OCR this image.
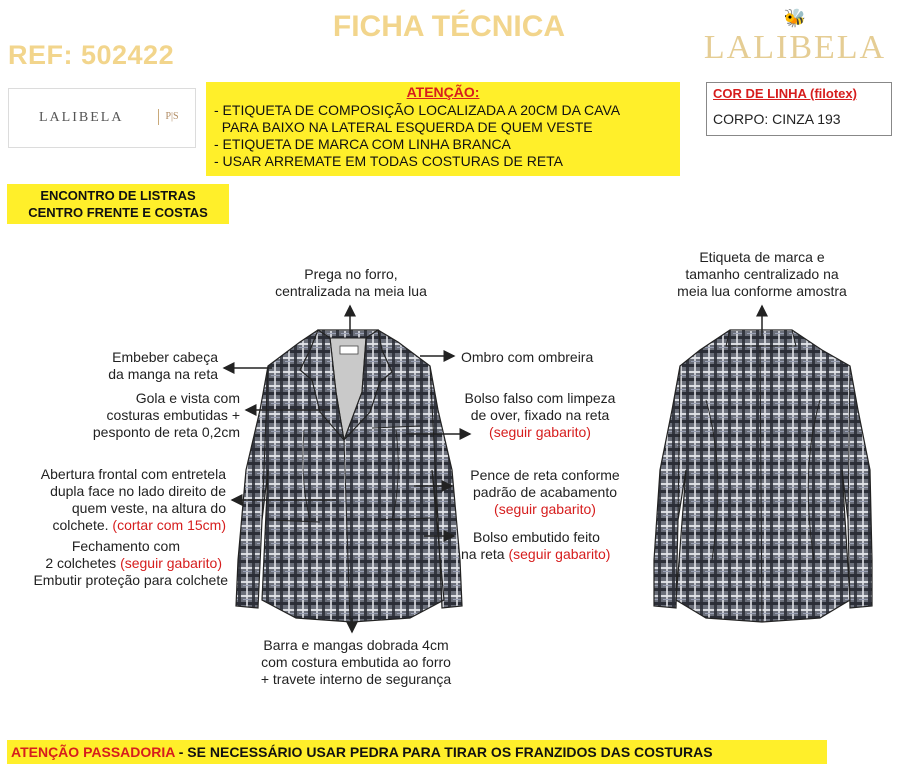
FICHA TÉCNICA
REF: 502422
🐝
LALIBELA
LALIBELA	P|S
ATENÇÃO:
- ETIQUETA DE COMPOSIÇÃO LOCALIZADA A 20CM DA CAVA
PARA BAIXO NA LATERAL ESQUERDA DE QUEM VESTE
- ETIQUETA DE MARCA COM LINHA BRANCA
- USAR ARREMATE EM TODAS COSTURAS DE RETA
COR DE LINHA (filotex)
CORPO: CINZA 193
ENCONTRO DE LISTRAS
CENTRO FRENTE E COSTAS
Prega no forro,
centralizada na meia lua
Embeber cabeça
da manga na reta
Gola e vista com
costuras embutidas +
pesponto de reta 0,2cm
Abertura frontal com entretela
dupla face no lado direito de
quem veste, na altura do
colchete. (cortar com 15cm)
Fechamento com
2 colchetes (seguir gabarito)
Embutir proteção para colchete
Ombro com ombreira
Bolso falso com limpeza
de over, fixado na reta
(seguir gabarito)
Pence de reta conforme
padrão de acabamento
(seguir gabarito)
Bolso embutido feito
na reta (seguir gabarito)
Barra e mangas dobrada 4cm
com costura embutida ao forro
+ travete interno de segurança
Etiqueta de marca e
tamanho centralizado na
meia lua conforme amostra
ATENÇÃO PASSADORIA - SE NECESSÁRIO USAR PEDRA PARA TIRAR OS FRANZIDOS DAS COSTURAS
